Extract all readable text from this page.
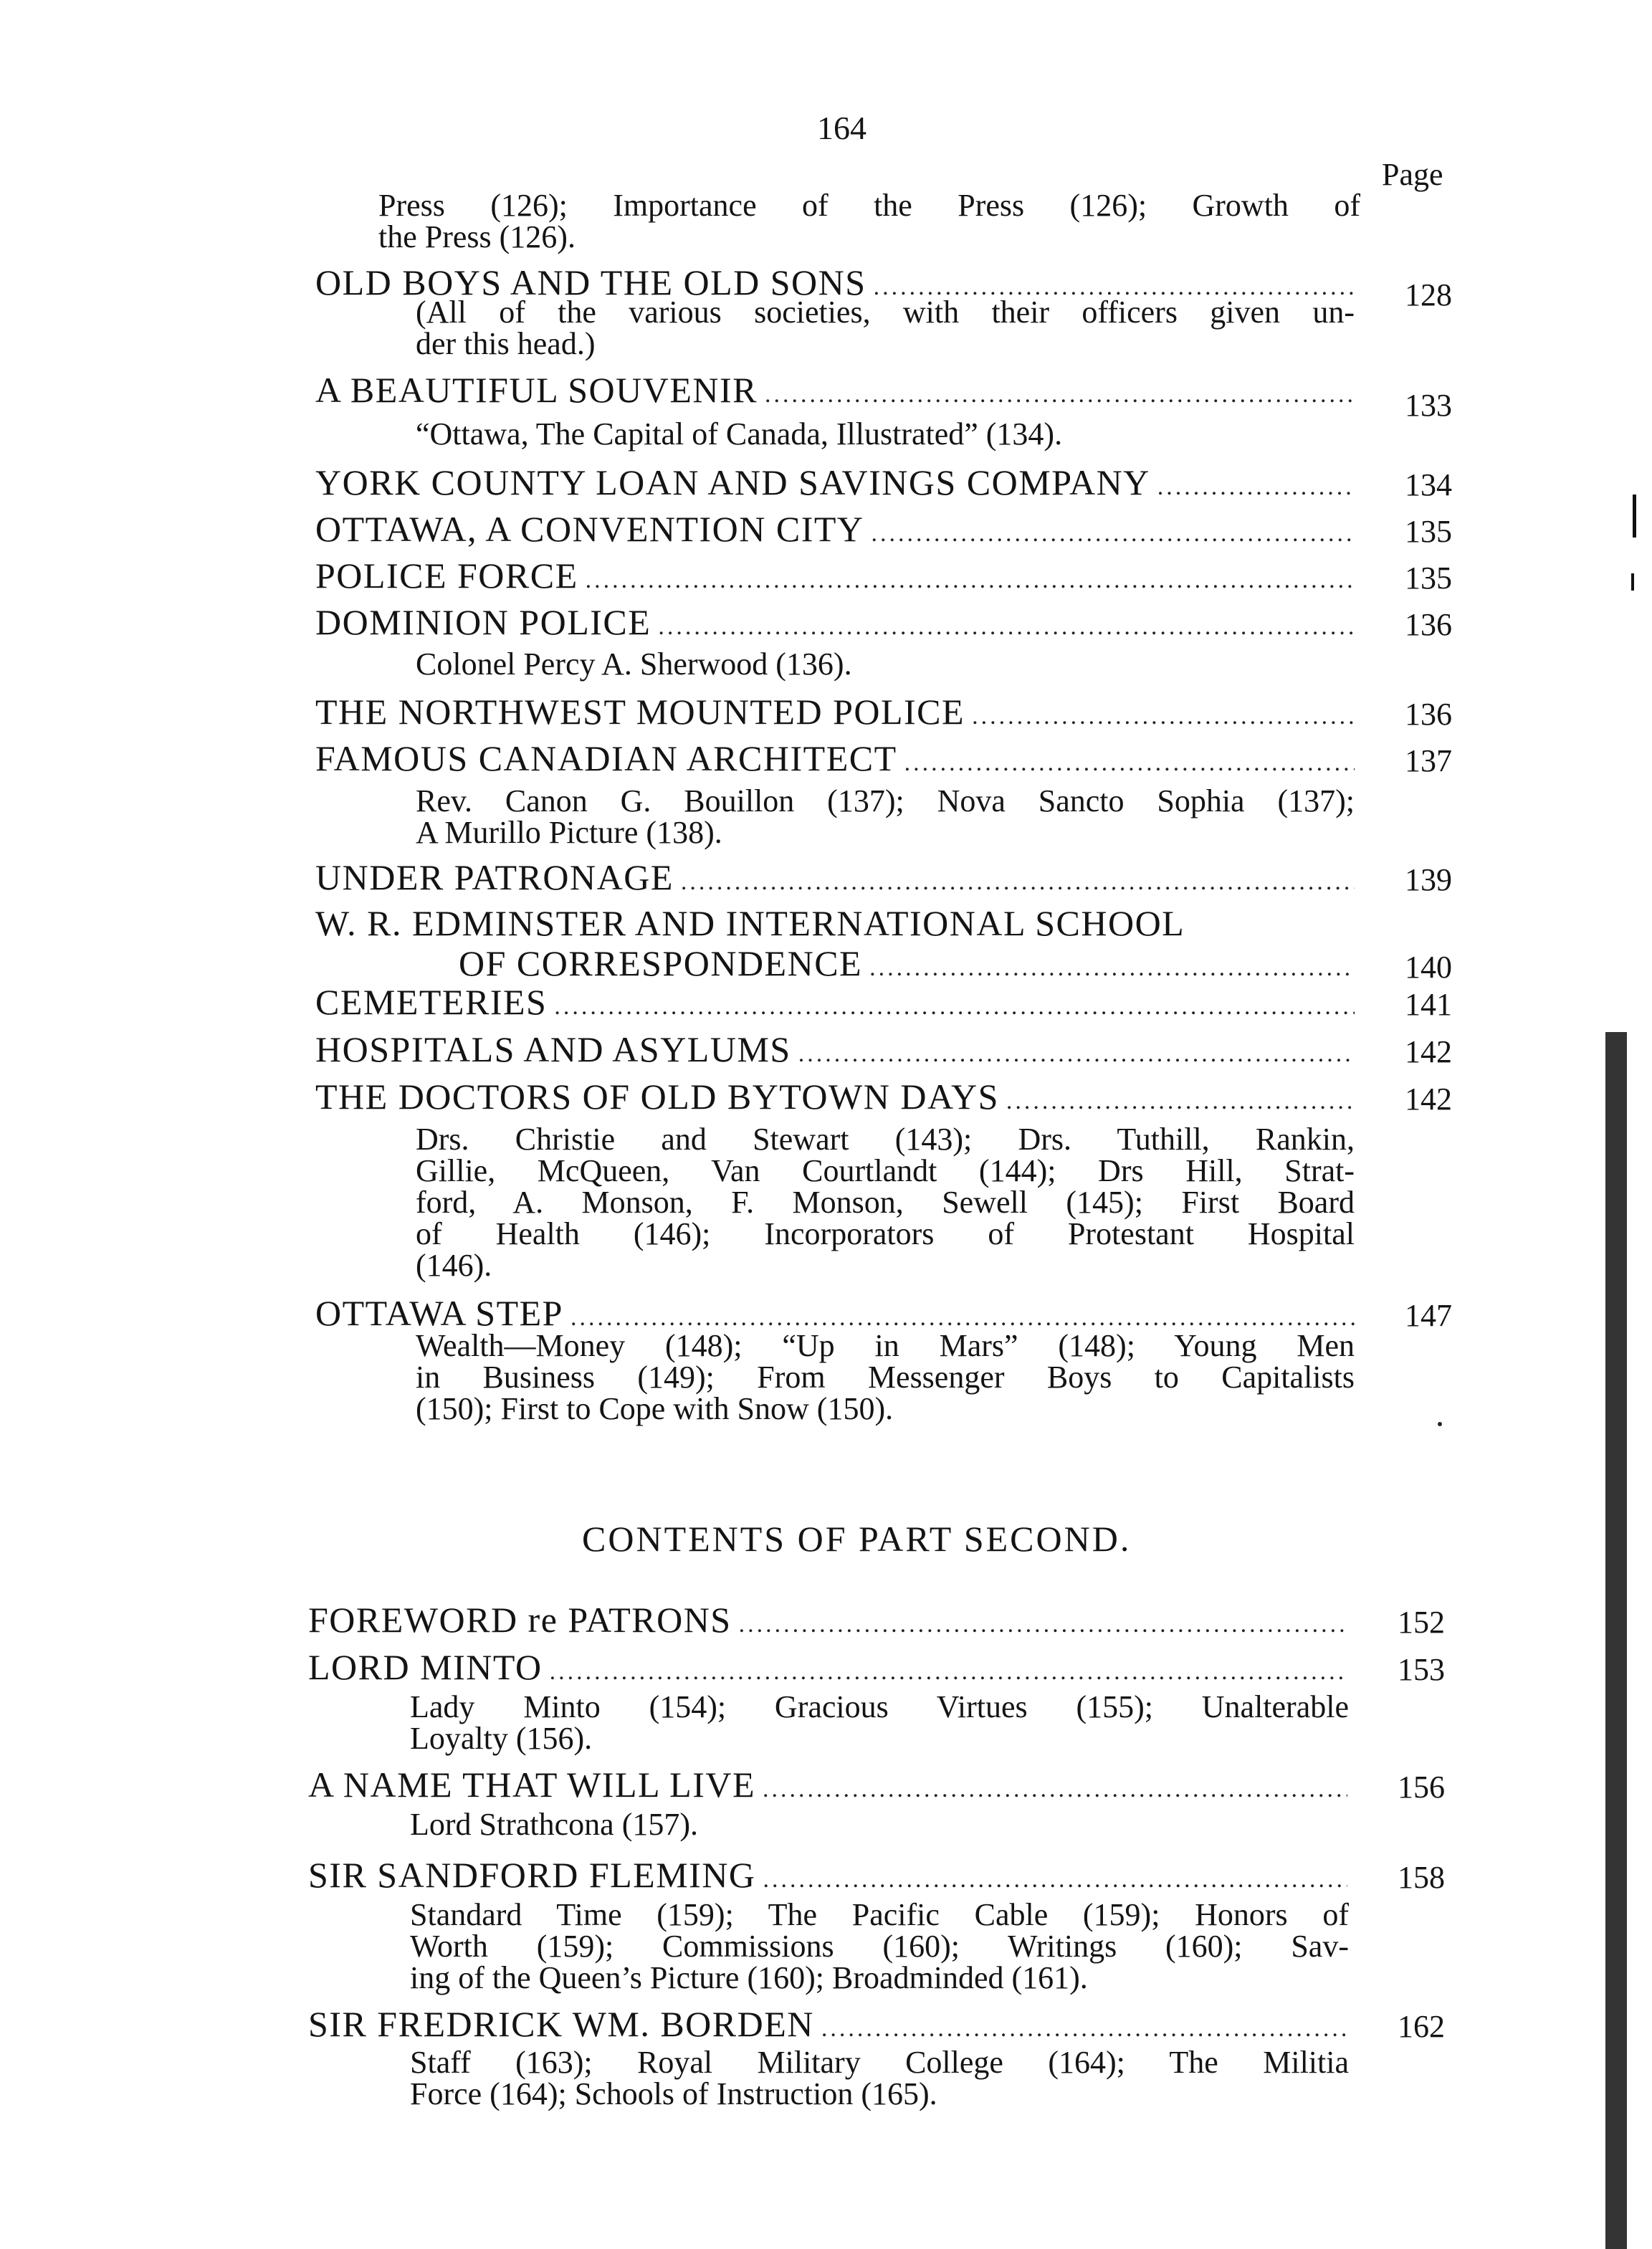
164
Page
Press (126); Importance of the Press (126); Growth of
the Press (126).
OLD BOYS AND THE OLD SONS .....	128
(All of the various societies, with their officers given un-
der this head.)
A BEAUTIFUL SOUVENIR .....	133
“Ottawa, The Capital of Canada, Illustrated” (134).
YORK COUNTY LOAN AND SAVINGS COMPANY .....	134
OTTAWA, A CONVENTION CITY .....	135
POLICE FORCE .....	135
DOMINION POLICE .....	136
Colonel Percy A. Sherwood (136).
THE NORTHWEST MOUNTED POLICE .....	136
FAMOUS CANADIAN ARCHITECT .....	137
Rev. Canon G. Bouillon (137); Nova Sancto Sophia (137);
A Murillo Picture (138).
UNDER PATRONAGE .....	139
W. R. EDMINSTER AND INTERNATIONAL SCHOOL
OF CORRESPONDENCE .....	140
CEMETERIES .....	141
HOSPITALS AND ASYLUMS .....	142
THE DOCTORS OF OLD BYTOWN DAYS .....	142
Drs. Christie and Stewart (143); Drs. Tuthill, Rankin,
Gillie, McQueen, Van Courtlandt (144); Drs Hill, Strat-
ford, A. Monson, F. Monson, Sewell (145); First Board
of Health (146); Incorporators of Protestant Hospital
(146).
OTTAWA STEP .....	147
Wealth—Money (148); “Up in Mars” (148); Young Men
in Business (149); From Messenger Boys to Capitalists
(150); First to Cope with Snow (150).
CONTENTS OF PART SECOND.
FOREWORD re PATRONS .....	152
LORD MINTO .....	153
Lady Minto (154); Gracious Virtues (155); Unalterable
Loyalty (156).
A NAME THAT WILL LIVE .....	156
Lord Strathcona (157).
SIR SANDFORD FLEMING .....	158
Standard Time (159); The Pacific Cable (159); Honors of
Worth (159); Commissions (160); Writings (160); Sav-
ing of the Queen’s Picture (160); Broadminded (161).
SIR FREDRICK WM. BORDEN .....	162
Staff (163); Royal Military College (164); The Militia
Force (164); Schools of Instruction (165).
